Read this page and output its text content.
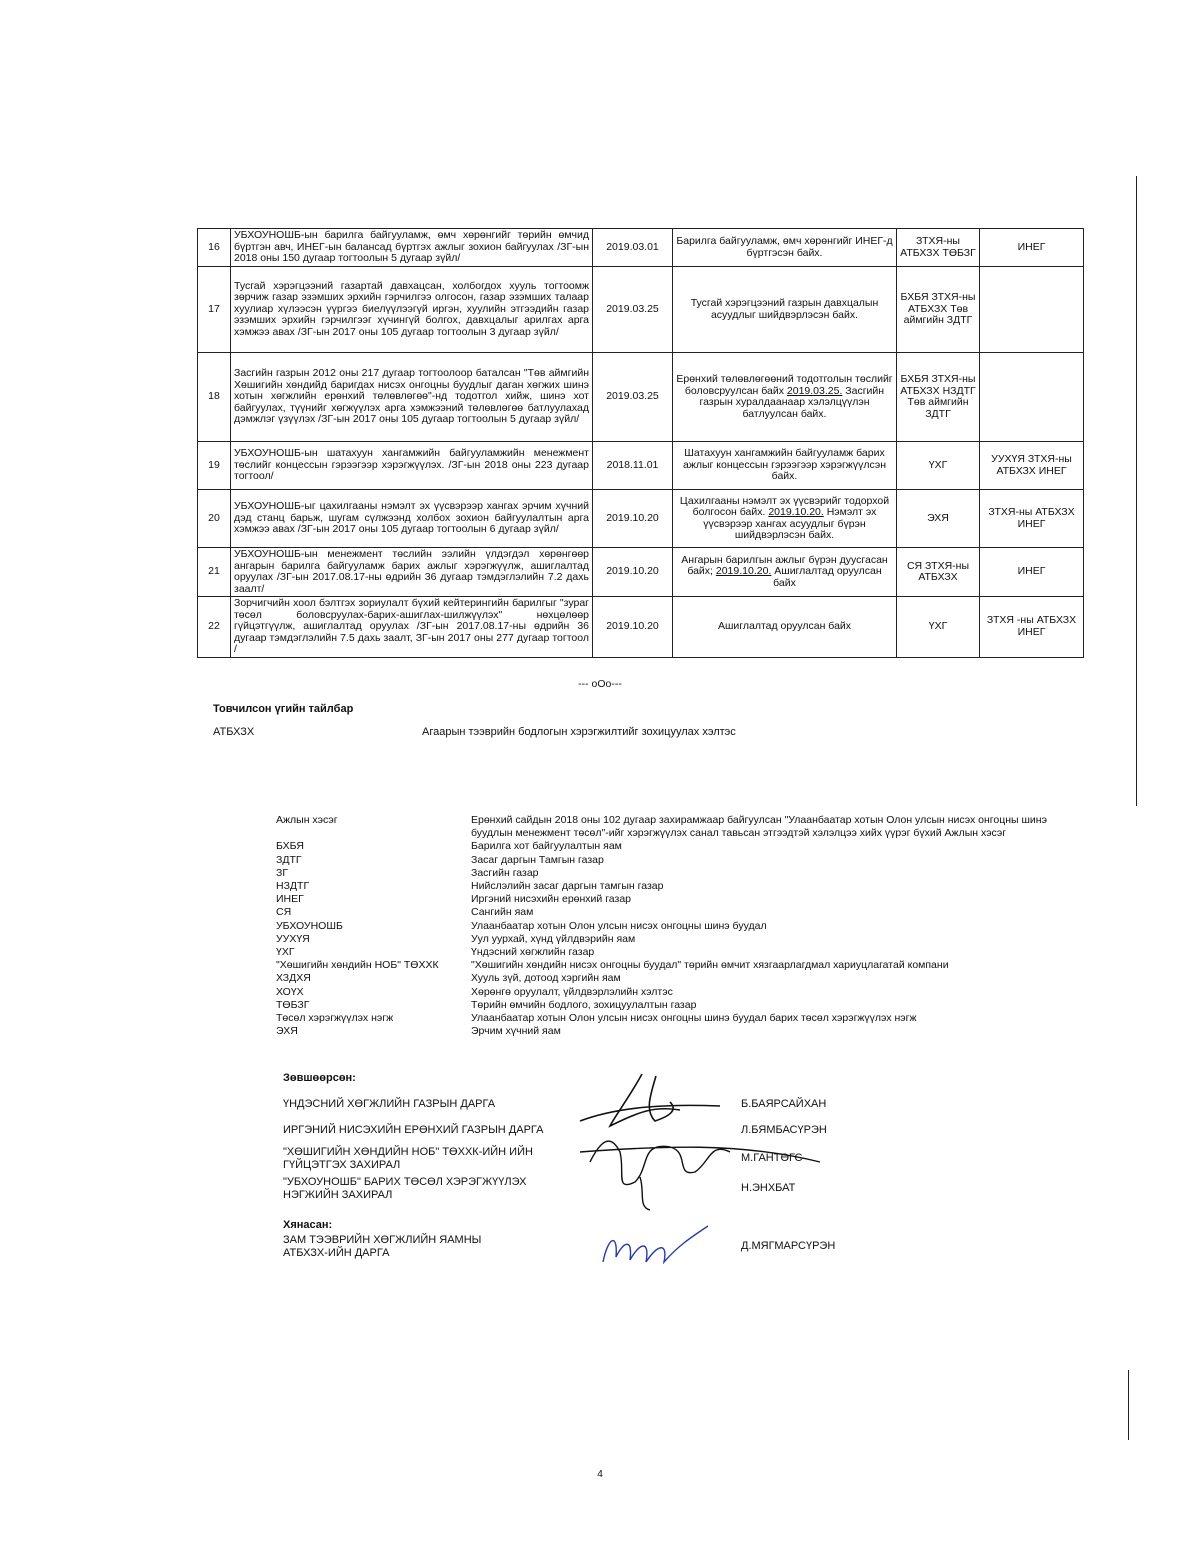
16	УБХОУНОШБ-ын барилга байгууламж, өмч хөрөнгийг төрийн өмчид бүртгэн авч, ИНЕГ-ын балансад бүртгэх ажлыг зохион байгуулах /ЗГ-ын 2018 оны 150 дугаар тогтоолын 5 дугаар зүйл/	2019.03.01	Барилга байгууламж, өмч хөрөнгийг ИНЕГ-д бүртгэсэн байх.	ЗТХЯ-ны АТБХЗХ ТӨБЗГ	ИНЕГ
17	Тусгай хэрэгцээний газартай давхацсан, холбогдох хууль тогтоомж зөрчиж газар эзэмших эрхийн гэрчилгээ олгосон, газар эзэмших талаар хуулиар хүлээсэн үүргээ биелүүлээгүй иргэн, хуулийн этгээдийн газар эзэмших эрхийн гэрчилгээг хүчингүй болгох, давхцалыг арилгах арга хэмжээ авах /ЗГ-ын 2017 оны 105 дугаар тогтоолын 3 дугаар зүйл/	2019.03.25	Тусгай хэрэгцээний газрын давхцалын асуудлыг шийдвэрлэсэн байх.	БХБЯ ЗТХЯ-ны АТБХЗХ Төв аймгийн ЗДТГ	
18	Засгийн газрын 2012 оны 217 дугаар тогтоолоор баталсан "Төв аймгийн Хөшигийн хөндийд баригдах нисэх онгоцны буудлыг даган хөгжих шинэ хотын хөгжлийн ерөнхий төлөвлөгөө"-нд тодотгол хийж, шинэ хот байгуулах, түүнийг хөгжүүлэх арга хэмжээний төлөвлөгөө батлуулахад дэмжлэг үзүүлэх /ЗГ-ын 2017 оны 105 дугаар тогтоолын 5 дугаар зүйл/	2019.03.25	Ерөнхий төлөвлөгөөний тодотголын төслийг боловсруулсан байх 2019.03.25. Засгийн газрын хуралдаанаар хэлэлцүүлэн батлуулсан байх.	БХБЯ ЗТХЯ-ны АТБХЗХ НЗДТГ Төв аймгийн ЗДТГ	
19	УБХОУНОШБ-ын шатахуун хангамжийн байгууламжийн менежмент төслийг концессын гэрээгээр хэрэгжүүлэх. /ЗГ-ын 2018 оны 223 дугаар тогтоол/	2018.11.01	Шатахуун хангамжийн байгууламж барих ажлыг концессын гэрээгээр хэрэгжүүлсэн байх.	ҮХГ	УУХҮЯ ЗТХЯ-ны АТБХЗХ ИНЕГ
20	УБХОУНОШБ-ыг цахилгааны нэмэлт эх үүсвэрээр хангах эрчим хүчний дэд станц барьж, шугам сүлжээнд холбох зохион байгуулалтын арга хэмжээ авах /ЗГ-ын 2017 оны 105 дугаар тогтоолын 6 дугаар зүйл/	2019.10.20	Цахилгааны нэмэлт эх үүсвэрийг тодорхой болгосон байх. 2019.10.20. Нэмэлт эх үүсвэрээр хангах асуудлыг бүрэн шийдвэрлэсэн байх.	ЭХЯ	ЗТХЯ-ны АТБХЗХ ИНЕГ
21	УБХОУНОШБ-ын менежмент төслийн ээлийн үлдэгдэл хөрөнгөөр ангарын барилга байгууламж барих ажлыг хэрэгжүүлж, ашиглалтад оруулах /ЗГ-ын 2017.08.17-ны өдрийн 36 дугаар тэмдэглэлийн 7.2 дахь заалт/	2019.10.20	Ангарын барилгын ажлыг бүрэн дуусгасан байх; 2019.10.20. Ашиглалтад оруулсан байх	СЯ ЗТХЯ-ны АТБХЗХ	ИНЕГ
22	Зорчигчийн хоол бэлтгэх зориулалт бүхий кейтерингийн барилгыг "зураг төсөл боловсруулах-барих-ашиглах-шилжүүлэх" нөхцөлөөр гүйцэтгүүлж, ашиглалтад оруулах /ЗГ-ын 2017.08.17-ны өдрийн 36 дугаар тэмдэглэлийн 7.5 дахь заалт, ЗГ-ын 2017 оны 277 дугаар тогтоол /	2019.10.20	Ашиглалтад оруулсан байх	ҮХГ	ЗТХЯ -ны АТБХЗХ ИНЕГ
--- оОо---
Товчилсон үгийн тайлбар
АТБХЗХ	Агаарын тээврийн бодлогын хэрэгжилтийг зохицуулах хэлтэс
Ажлын хэсэг	Ерөнхий сайдын 2018 оны 102 дугаар захирамжаар байгуулсан "Улаанбаатар хотын Олон улсын нисэх онгоцны шинэ буудлын менежмент төсөл"-ийг хэрэгжүүлэх санал тавьсан этгээдтэй хэлэлцээ хийх үүрэг бүхий Ажлын хэсэг
БХБЯ	Барилга хот байгуулалтын яам
ЗДТГ	Засаг даргын Тамгын газар
ЗГ	Засгийн газар
НЗДТГ	Нийслэлийн засаг даргын тамгын газар
ИНЕГ	Иргэний нисэхийн ерөнхий газар
СЯ	Сангийн яам
УБХОУНОШБ	Улаанбаатар хотын Олон улсын нисэх онгоцны шинэ буудал
УУХҮЯ	Уул уурхай, хүнд үйлдвэрийн яам
ҮХГ	Үндэсний хөгжлийн газар
"Хөшигийн хөндийн НОБ" ТӨХХК	"Хөшигийн хөндийн нисэх онгоцны буудал" төрийн өмчит хязгаарлагдмал хариуцлагатай компани
ХЗДХЯ	Хууль зүй, дотоод хэргийн яам
ХОҮХ	Хөрөнгө оруулалт, үйлдвэрлэлийн хэлтэс
ТӨБЗГ	Төрийн өмчийн бодлого, зохицуулалтын газар
Төсөл хэрэгжүүлэх нэгж	Улаанбаатар хотын Олон улсын нисэх онгоцны шинэ буудал барих төсөл хэрэгжүүлэх нэгж
ЭХЯ	Эрчим хүчний яам
Зөвшөөрсөн:
ҮНДЭСНИЙ ХӨГЖЛИЙН ГАЗРЫН ДАРГА	Б.БАЯРСАЙХАН
ИРГЭНИЙ НИСЭХИЙН ЕРӨНХИЙ ГАЗРЫН ДАРГА	Л.БЯМБАСҮРЭН
"ХӨШИГИЙН ХӨНДИЙН НОБ" ТӨХХК-ИЙН ИЙН ГҮЙЦЭТГЭХ ЗАХИРАЛ
М.ГАНТӨГС
"УБХОУНОШБ" БАРИХ ТӨСӨЛ ХЭРЭГЖҮҮЛЭХ НЭГЖИЙН ЗАХИРАЛ
Н.ЭНХБАТ
Хянасан:
ЗАМ ТЭЭВРИЙН ХӨГЖЛИЙН ЯАМНЫ АТБХЗХ-ИЙН ДАРГА
Д.МЯГМАРСҮРЭН
4
